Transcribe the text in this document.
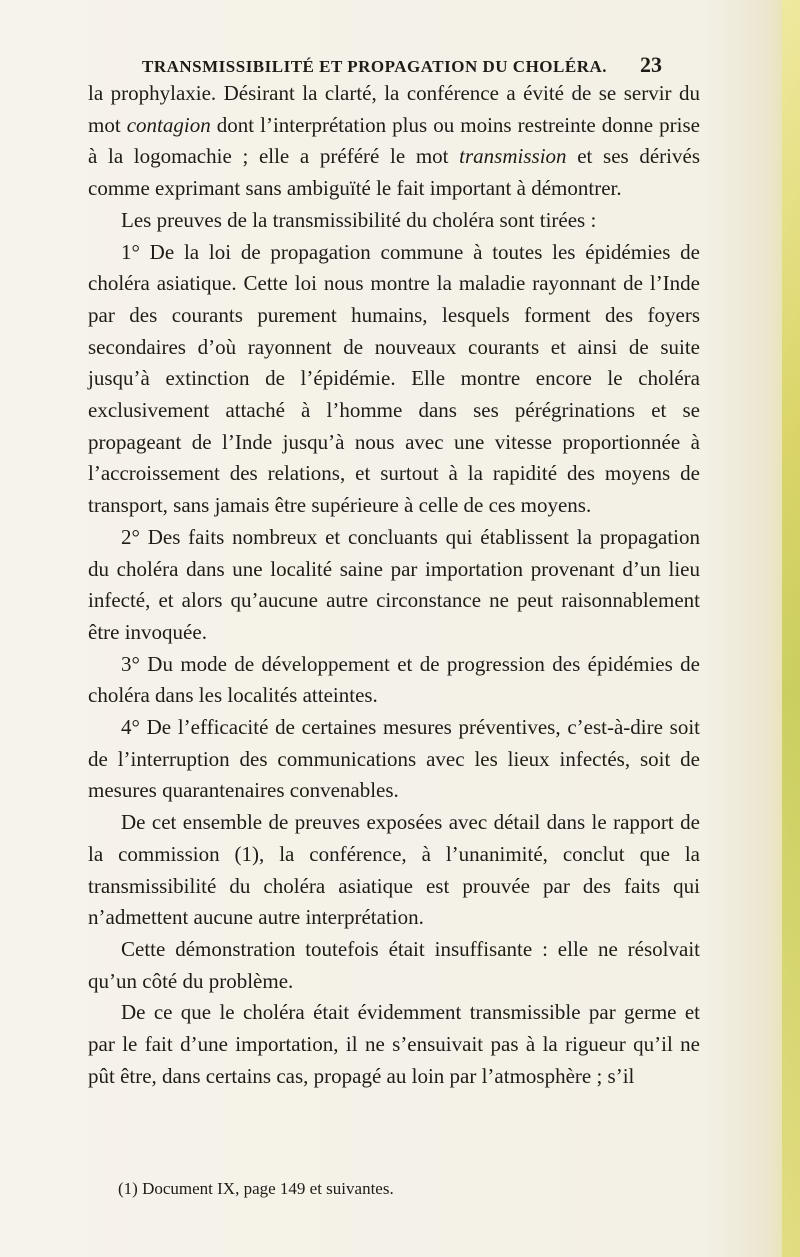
TRANSMISSIBILITÉ ET PROPAGATION DU CHOLÉRA. 23

la prophylaxie. Désirant la clarté, la conférence a évité de se servir du mot contagion dont l’interprétation plus ou moins restreinte donne prise à la logomachie ; elle a préféré le mot transmission et ses dérivés comme exprimant sans ambiguïté le fait important à démontrer.

Les preuves de la transmissibilité du choléra sont tirées :

1° De la loi de propagation commune à toutes les épidémies de choléra asiatique. Cette loi nous montre la maladie rayonnant de l’Inde par des courants purement humains, lesquels forment des foyers secondaires d’où rayonnent de nouveaux courants et ainsi de suite jusqu’à extinction de l’épidémie. Elle montre encore le choléra exclusivement attaché à l’homme dans ses pérégrinations et se propageant de l’Inde jusqu’à nous avec une vitesse proportionnée à l’accroissement des relations, et surtout à la rapidité des moyens de transport, sans jamais être supérieure à celle de ces moyens.

2° Des faits nombreux et concluants qui établissent la propagation du choléra dans une localité saine par importation provenant d’un lieu infecté, et alors qu’aucune autre circonstance ne peut raisonnablement être invoquée.

3° Du mode de développement et de progression des épidémies de choléra dans les localités atteintes.

4° De l’efficacité de certaines mesures préventives, c’est-à-dire soit de l’interruption des communications avec les lieux infectés, soit de mesures quarantenaires convenables.

De cet ensemble de preuves exposées avec détail dans le rapport de la commission (1), la conférence, à l’unanimité, conclut que la transmissibilité du choléra asiatique est prouvée par des faits qui n’admettent aucune autre interprétation.

Cette démonstration toutefois était insuffisante : elle ne résolvait qu’un côté du problème.

De ce que le choléra était évidemment transmissible par germe et par le fait d’une importation, il ne s’ensuivait pas à la rigueur qu’il ne pût être, dans certains cas, propagé au loin par l’atmosphère ; s’il

(1) Document IX, page 149 et suivantes.
